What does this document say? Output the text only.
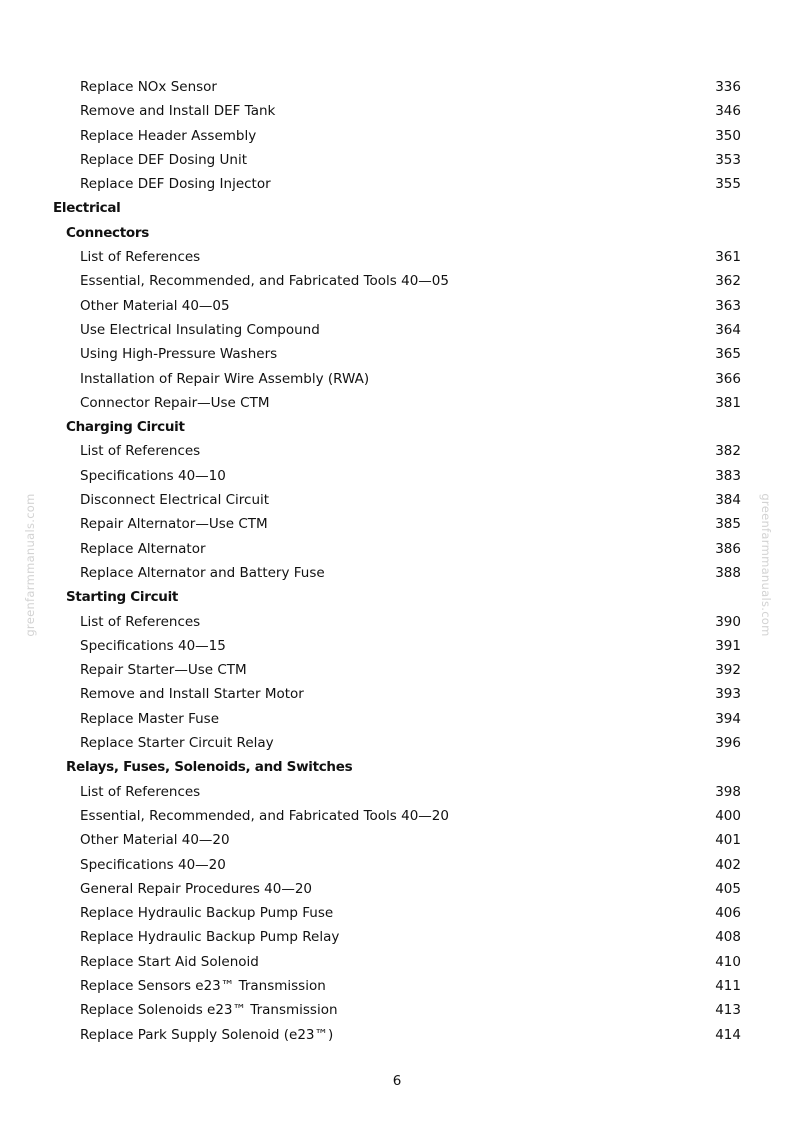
Replace NOx Sensor	336
Remove and Install DEF Tank	346
Replace Header Assembly	350
Replace DEF Dosing Unit	353
Replace DEF Dosing Injector	355
Electrical
Connectors
List of References	361
Essential, Recommended, and Fabricated Tools 40—05	362
Other Material 40—05	363
Use Electrical Insulating Compound	364
Using High-Pressure Washers	365
Installation of Repair Wire Assembly (RWA)	366
Connector Repair—Use CTM	381
Charging Circuit
List of References	382
Specifications 40—10	383
Disconnect Electrical Circuit	384
Repair Alternator—Use CTM	385
Replace Alternator	386
Replace Alternator and Battery Fuse	388
Starting Circuit
List of References	390
Specifications 40—15	391
Repair Starter—Use CTM	392
Remove and Install Starter Motor	393
Replace Master Fuse	394
Replace Starter Circuit Relay	396
Relays, Fuses, Solenoids, and Switches
List of References	398
Essential, Recommended, and Fabricated Tools 40—20	400
Other Material 40—20	401
Specifications 40—20	402
General Repair Procedures 40—20	405
Replace Hydraulic Backup Pump Fuse	406
Replace Hydraulic Backup Pump Relay	408
Replace Start Aid Solenoid	410
Replace Sensors e23™ Transmission	411
Replace Solenoids e23™ Transmission	413
Replace Park Supply Solenoid (e23™)	414
6
greenfarmmanuals.com	greenfarmmanuals.com
